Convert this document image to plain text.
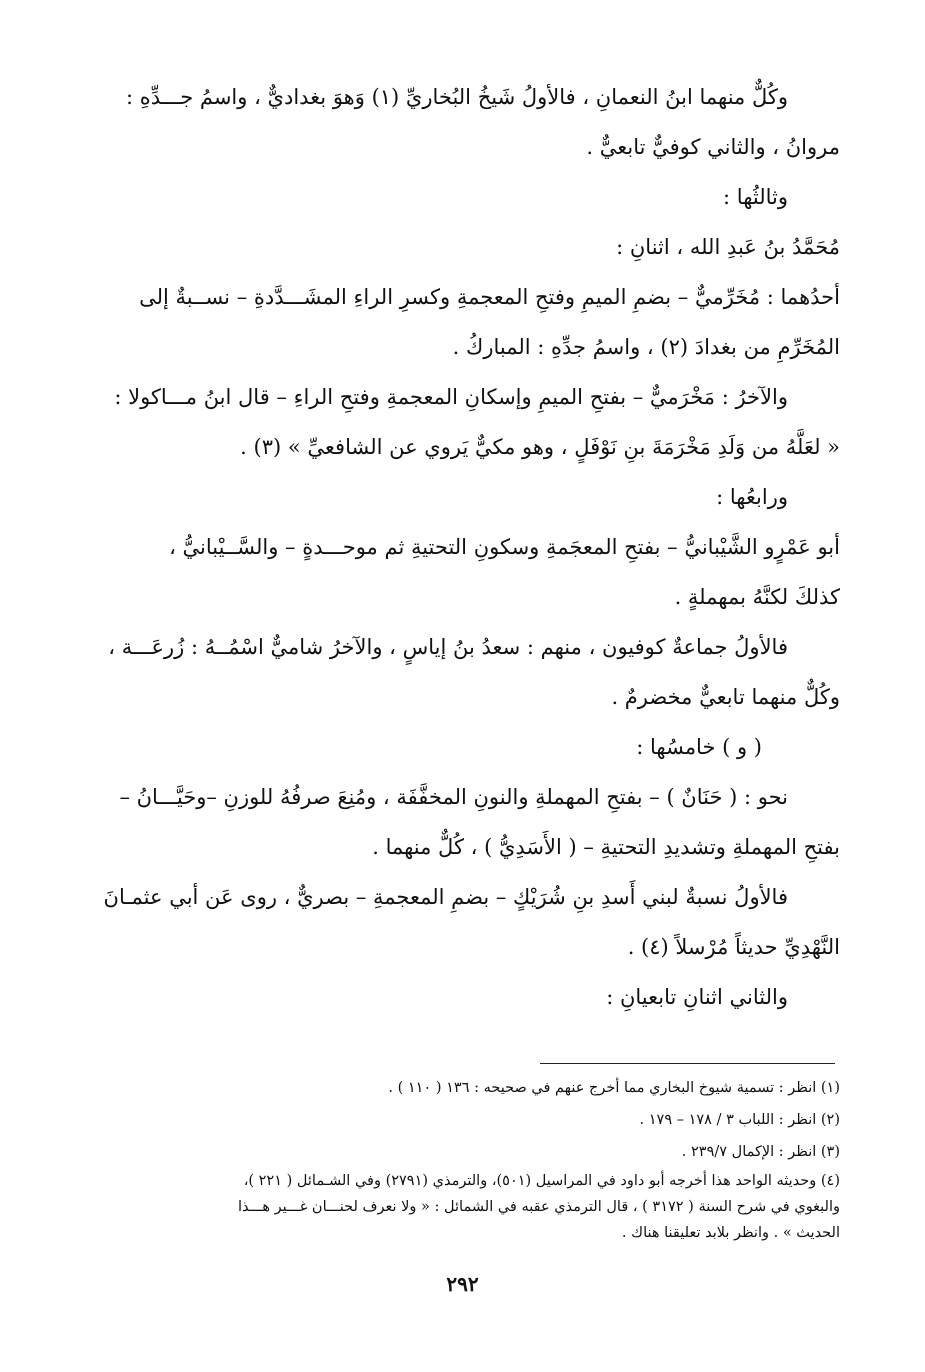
وكُلٌّ منهما ابنُ النعمانِ ، فالأولُ شَيخُ البُخاريِّ (١) وَهوَ بغداديٌّ ، واسمُ جـــدِّهِ :
مروانُ ، والثاني كوفيٌّ تابعيٌّ .
وثالثُها :
مُحَمَّدُ بنُ عَبدِ الله ، اثنانِ :
أحدُهما : مُخَرِّميٌّ – بضمِ الميمِ وفتحِ المعجمةِ وكسرِ الراءِ المشَـــدَّدةِ – نســبةٌ إلى
المُخَرِّمِ من بغدادَ (٢) ، واسمُ جدِّهِ : المباركُ .
والآخرُ : مَخْرَميٌّ – بفتحِ الميمِ وإسكانِ المعجمةِ وفتحِ الراءِ – قال ابنُ مـــاكولا :
« لعَلَّهُ من وَلَدِ مَخْرَمَةَ بنِ نَوْفَلٍ ، وهو مكيٌّ يَروي عن الشافعيِّ » (٣) .
ورابعُها :
أبو عَمْرٍو الشَّيْبانيُّ – بفتحِ المعجَمةِ وسكونِ التحتيةِ ثم موحـــدةٍ – والسَّــيْبانيُّ ،
كذلكَ لكنَّهُ بمهملةٍ .
فالأولُ جماعةٌ كوفيون ، منهم : سعدُ بنُ إياسٍ ، والآخرُ شاميٌّ اسْمُــهُ : زُرعَـــة ،
وكُلٌّ منهما تابعيٌّ مخضرمٌ .
( و ) خامسُها :
نحو : ( حَنَانٌ ) – بفتحِ المهملةِ والنونِ المخفَّفَة ، ومُنِعَ صرفُهُ للوزنِ –وحَيَّـــانُ –
بفتحِ المهملةِ وتشديدِ التحتيةِ – ( الأَسَدِيُّ ) ، كُلٌّ منهما .
فالأولُ نسبةٌ لبني أَسدِ بنِ شُرَيْكٍ – بضمِ المعجمةِ – بصريٌّ ، روى عَن أبي عثمـانَ
النَّهْدِيِّ حديثاً مُرْسلاً (٤) .
والثاني اثنانِ تابعيانِ :
(١) انظر : تسمية شيوخ البخاري مما أخرج عنهم في صحيحه : ١٣٦ ( ١١٠ ) .
(٢) انظر : اللباب ٣ / ١٧٨ – ١٧٩ .
(٣) انظر : الإكمال ٢٣٩/٧ .
(٤) وحديثه الواحد هذا أخرجه أبو داود في المراسيل (٥٠١)، والترمذي (٢٧٩١) وفي الشـمائل ( ٢٢١ )،
والبغوي في شرح السنة ( ٣١٧٢ ) ، قال الترمذي عقبه في الشمائل : « ولا نعرف لحنـــان غـــير هـــذا
الحديث » . وانظر بلابد تعليقنا هناك .
٢٩٢
